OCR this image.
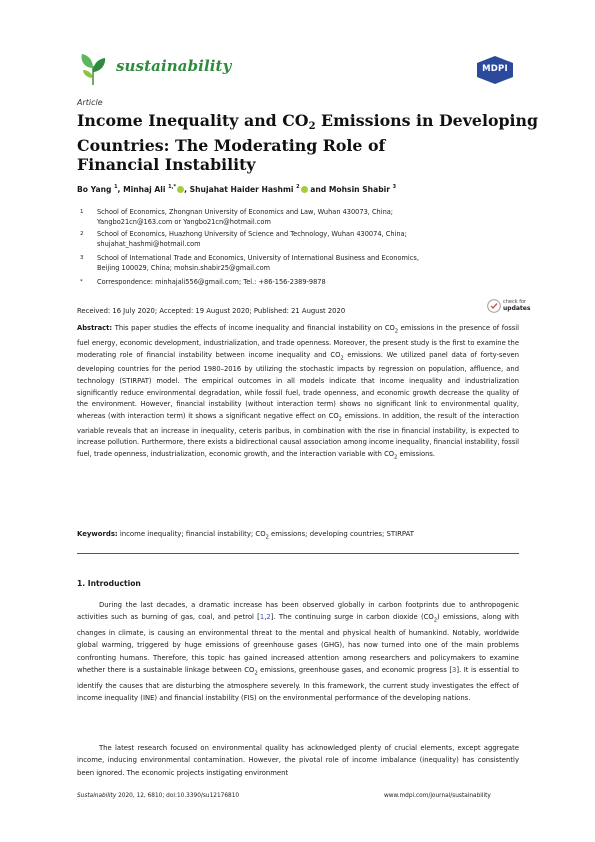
sustainability	MDPI
Article
Income Inequality and CO2 Emissions in Developing
Countries: The Moderating Role of
Financial Instability
Bo Yang $^1$, Minhaj Ali $^{1,*}$ , Shujahat Haider Hashmi $^2$ and Mohsin Shabir $^3$
1 School of Economics, Zhongnan University of Economics and Law, Wuhan 430073, China;
Yangbo21cn@163.com or Yangbo21cn@hotmail.com
2 School of Economics, Huazhong University of Science and Technology, Wuhan 430074, China;
shujahat_hashmi@hotmail.com
3 School of International Trade and Economics, University of International Business and Economics,
Beijing 100029, China; mohsin.shabir25@gmail.com
* Correspondence: minhajali556@gmail.com; Tel.: +86-156-2389-9878
Received: 16 July 2020; Accepted: 19 August 2020; Published: 21 August 2020
check for
updates
Abstract: This paper studies the effects of income inequality and financial instability on $CO_2$ emissions in the presence of fossil fuel energy, economic development, industrialization, and trade openness. Moreover, the present study is the first to examine the moderating role of financial instability between income inequality and $CO_2$ emissions. We utilized panel data of forty-seven developing countries for the period 1980–2016 by utilizing the stochastic impacts by regression on population, affluence, and technology (STIRPAT) model. The empirical outcomes in all models indicate that income inequality and industrialization significantly reduce environmental degradation, while fossil fuel, trade openness, and economic growth decrease the quality of the environment. However, financial instability (without interaction term) shows no significant link to environmental quality, whereas (with interaction term) it shows a significant negative effect on $CO_2$ emissions. In addition, the result of the interaction variable reveals that an increase in inequality, ceteris paribus, in combination with the rise in financial instability, is expected to increase pollution. Furthermore, there exists a bidirectional causal association among income inequality, financial instability, fossil fuel, trade openness, industrialization, economic growth, and the interaction variable with $CO_2$ emissions.
Keywords: income inequality; financial instability; $CO_2$ emissions; developing countries; STIRPAT
1. Introduction

During the last decades, a dramatic increase has been observed globally in carbon footprints due to anthropogenic activities such as burning of gas, coal, and petrol [1,2]. The continuing surge in carbon dioxide $(CO_2)$ emissions, along with changes in climate, is causing an environmental threat to the mental and physical health of humankind. Notably, worldwide global warming, triggered by huge emissions of greenhouse gases (GHG), has now turned into one of the main problems confronting humans. Therefore, this topic has gained increased attention among researchers and policymakers to examine whether there is a sustainable linkage between $CO_2$ emissions, greenhouse gases, and economic progress [3]. It is essential to identify the causes that are disturbing the atmosphere severely. In this framework, the current study investigates the effect of income inequality (INE) and financial instability (FIS) on the environmental performance of the developing nations.

The latest research focused on environmental quality has acknowledged plenty of crucial elements, except aggregate income, inducing environmental contamination. However, the pivotal role of income imbalance (inequality) has consistently been ignored. The economic projects instigating environment

Sustainability 2020, 12, 6810; doi:10.3390/su12176810	www.mdpi.com/journal/sustainability
